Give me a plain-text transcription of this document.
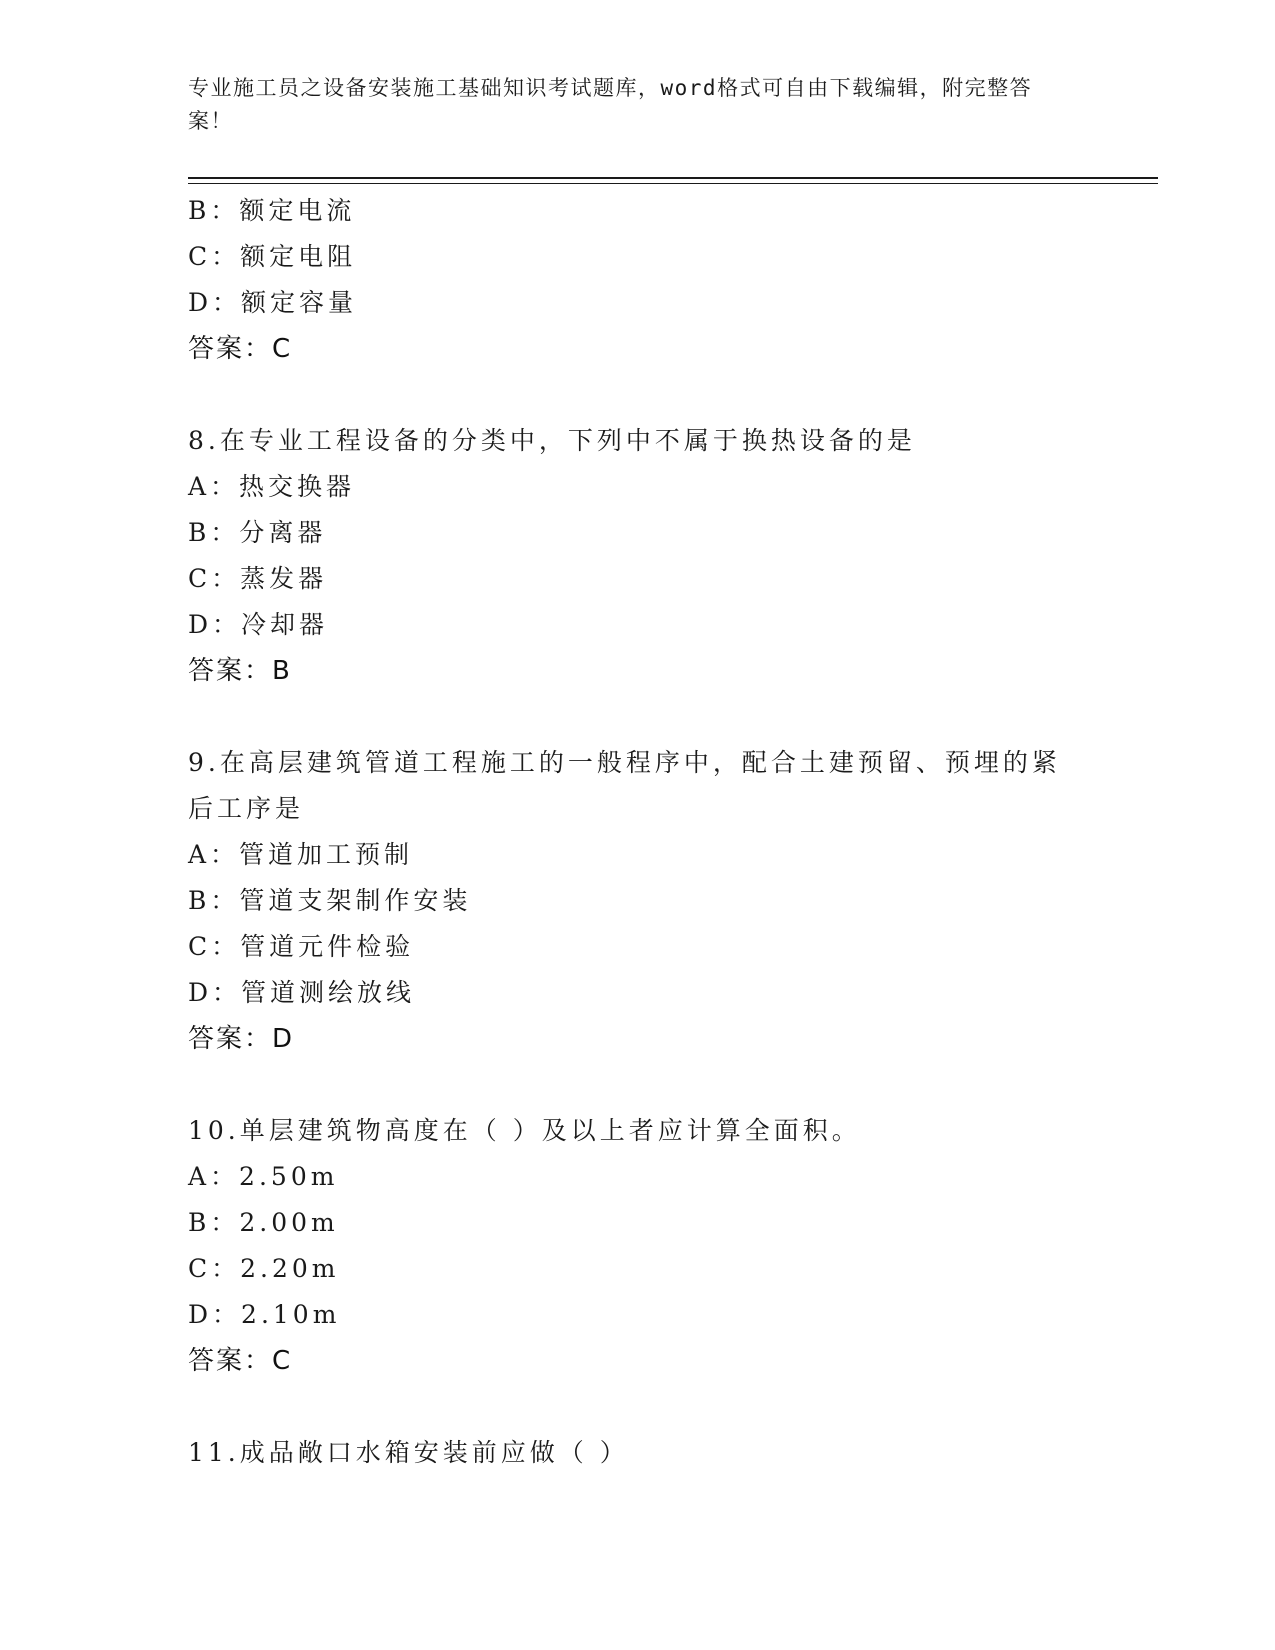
专业施工员之设备安装施工基础知识考试题库，word格式可自由下载编辑，附完整答案！
B：额定电流
C：额定电阻
D：额定容量
答案：C
8.在专业工程设备的分类中，下列中不属于换热设备的是
A：热交换器
B：分离器
C：蒸发器
D：冷却器
答案：B
9.在高层建筑管道工程施工的一般程序中，配合土建预留、预埋的紧后工序是
A：管道加工预制
B：管道支架制作安装
C：管道元件检验
D：管道测绘放线
答案：D
10.单层建筑物高度在（ ）及以上者应计算全面积。
A：2.50m
B：2.00m
C：2.20m
D：2.10m
答案：C
11.成品敞口水箱安装前应做（ ）
